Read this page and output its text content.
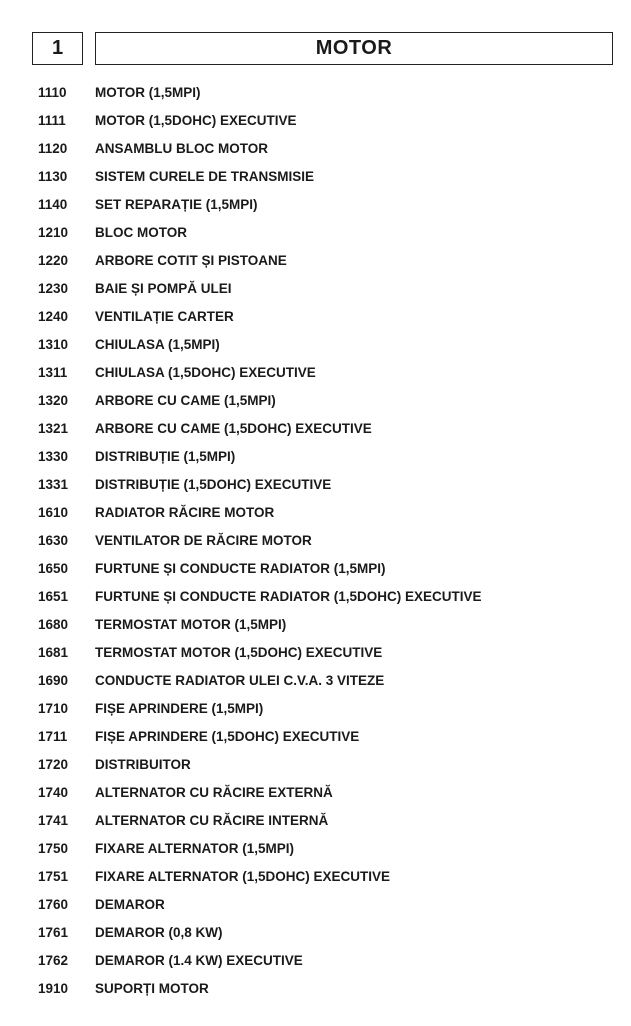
1	MOTOR
1110	MOTOR (1,5MPI)
1111	MOTOR (1,5DOHC) EXECUTIVE
1120	ANSAMBLU BLOC MOTOR
1130	SISTEM CURELE DE TRANSMISIE
1140	SET REPARAȚIE (1,5MPI)
1210	BLOC MOTOR
1220	ARBORE COTIT ȘI PISTOANE
1230	BAIE ȘI POMPĂ ULEI
1240	VENTILAȚIE CARTER
1310	CHIULASA (1,5MPI)
1311	CHIULASA (1,5DOHC) EXECUTIVE
1320	ARBORE CU CAME (1,5MPI)
1321	ARBORE CU CAME (1,5DOHC) EXECUTIVE
1330	DISTRIBUȚIE (1,5MPI)
1331	DISTRIBUȚIE (1,5DOHC) EXECUTIVE
1610	RADIATOR RĂCIRE MOTOR
1630	VENTILATOR DE RĂCIRE MOTOR
1650	FURTUNE ȘI CONDUCTE RADIATOR (1,5MPI)
1651	FURTUNE ȘI CONDUCTE RADIATOR (1,5DOHC) EXECUTIVE
1680	TERMOSTAT MOTOR (1,5MPI)
1681	TERMOSTAT MOTOR (1,5DOHC) EXECUTIVE
1690	CONDUCTE RADIATOR ULEI C.V.A. 3 VITEZE
1710	FIȘE APRINDERE (1,5MPI)
1711	FIȘE APRINDERE (1,5DOHC) EXECUTIVE
1720	DISTRIBUITOR
1740	ALTERNATOR CU RĂCIRE EXTERNĂ
1741	ALTERNATOR CU RĂCIRE INTERNĂ
1750	FIXARE ALTERNATOR (1,5MPI)
1751	FIXARE ALTERNATOR (1,5DOHC) EXECUTIVE
1760	DEMAROR
1761	DEMAROR (0,8 KW)
1762	DEMAROR (1.4 KW) EXECUTIVE
1910	SUPORȚI MOTOR
